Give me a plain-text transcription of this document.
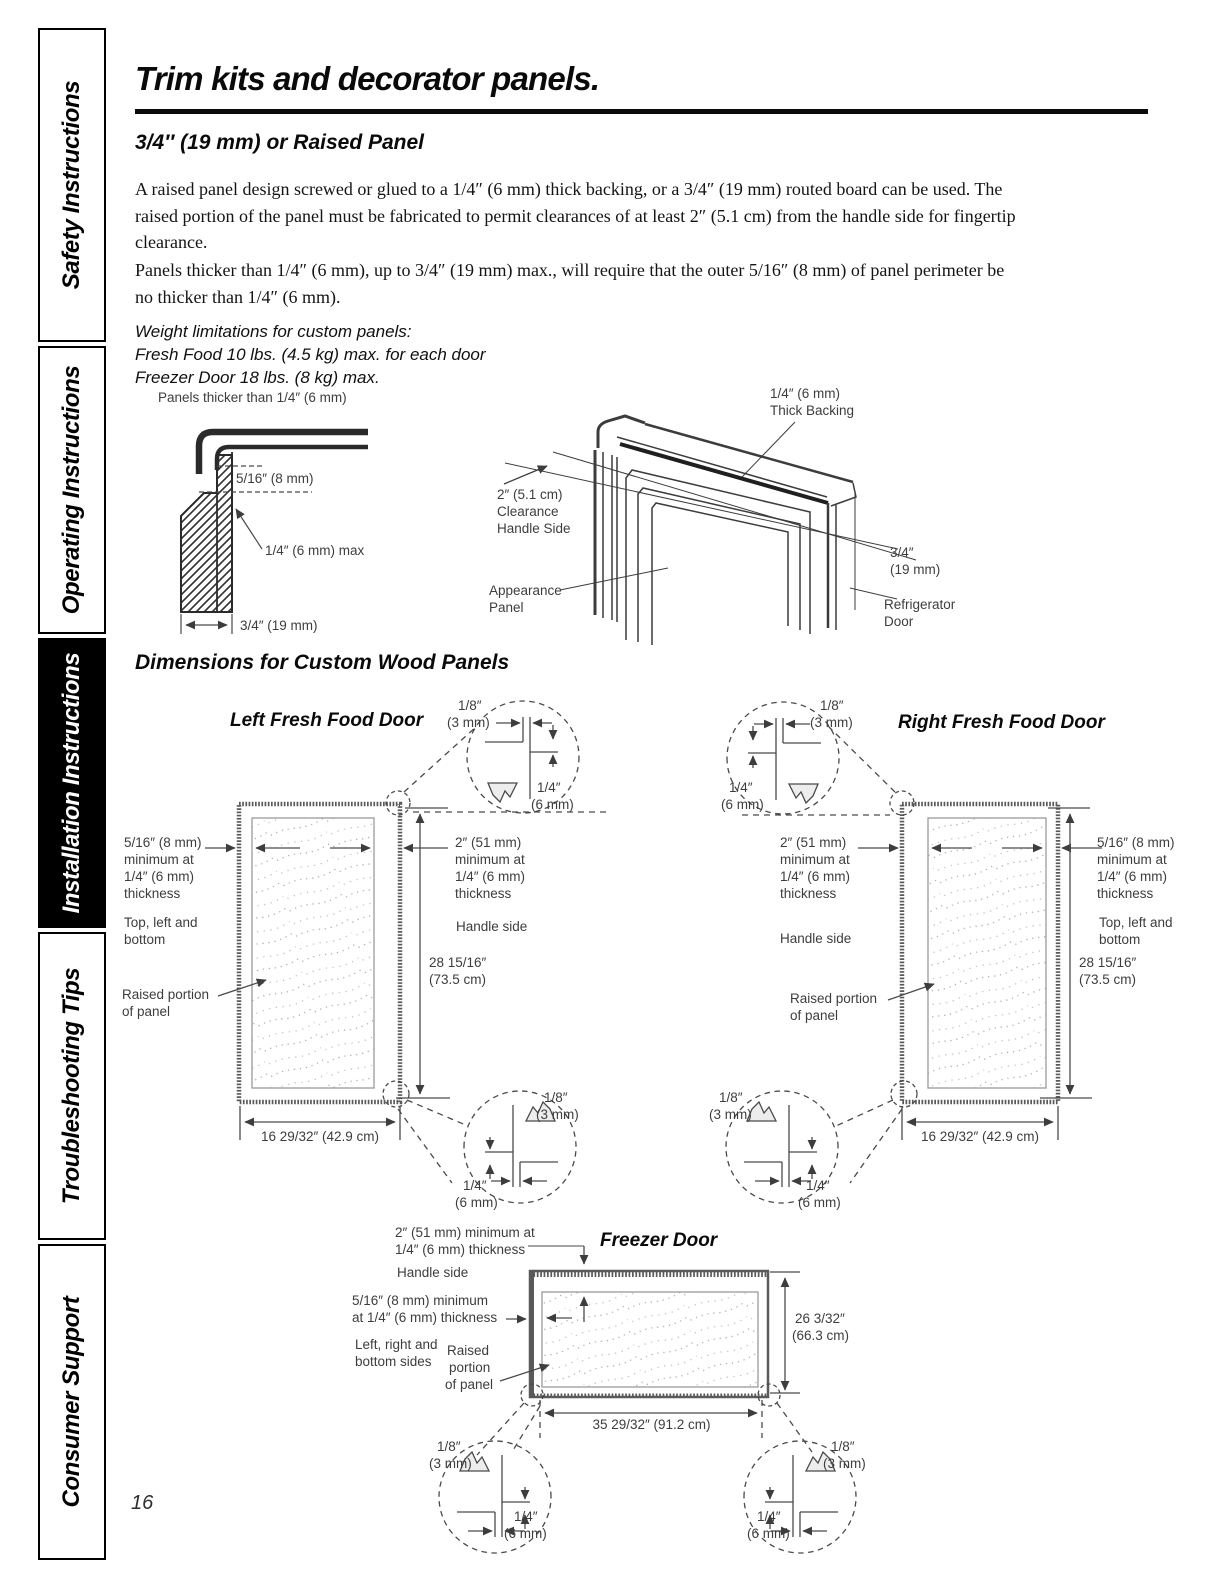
Safety Instructions
Operating Instructions
Installation Instructions
Troubleshooting Tips
Consumer Support
Trim kits and decorator panels.
3/4″ (19 mm) or Raised Panel
A raised panel design screwed or glued to a 1/4″ (6 mm) thick backing, or a 3/4″ (19 mm) routed board can be used. The raised portion of the panel must be fabricated to permit clearances of at least 2″ (5.1 cm) from the handle side for fingertip clearance.
Panels thicker than 1/4″ (6 mm), up to 3/4″ (19 mm) max., will require that the outer 5/16″ (8 mm) of panel perimeter be no thicker than 1/4″ (6 mm).
Weight limitations for custom panels:
Fresh Food 10 lbs. (4.5 kg) max. for each door
Freezer Door 18 lbs. (8 kg) max.
Panels thicker than 1/4″ (6 mm)
5/16″ (8 mm)
1/4″ (6 mm) max
3/4″ (19 mm)
1/4″ (6 mm)
Thick Backing
2″ (5.1 cm)
Clearance
Handle Side
3/4″
(19 mm)
Appearance
Panel	Refrigerator
Door
Dimensions for Custom Wood Panels
Left Fresh Food Door	Right Fresh Food Door
Freezer Door
5/16″ (8 mm)
minimum at
1/4″ (6 mm)
thickness
Top, left and
bottom
Raised portion
of panel
2″ (51 mm)
minimum at
1/4″ (6 mm)
thickness
Handle side
28 15/16″
(73.5 cm)
16 29/32″ (42.9 cm)
1/8″
(3 mm)
1/4″
(6 mm)
1/8″
(3 mm)
1/4″
(6 mm)
2″ (51 mm)
minimum at
1/4″ (6 mm)
thickness
Handle side
5/16″ (8 mm)
minimum at
1/4″ (6 mm)
thickness
Top, left and
bottom
Raised portion
of panel
28 15/16″
(73.5 cm)
16 29/32″ (42.9 cm)
1/8″
(3 mm)
1/4″
(6 mm)
1/8″
(3 mm)
1/4″
(6 mm)
2″ (51 mm) minimum at
1/4″ (6 mm) thickness
Handle side
5/16″ (8 mm) minimum
at 1/4″ (6 mm) thickness
Left, right and
bottom sides
Raised
portion
of panel
26 3/32″
(66.3 cm)
35 29/32″ (91.2 cm)
1/8″
(3 mm)
1/4″
(6 mm)
1/8″
(3 mm)
1/4″
(6 mm)
16
